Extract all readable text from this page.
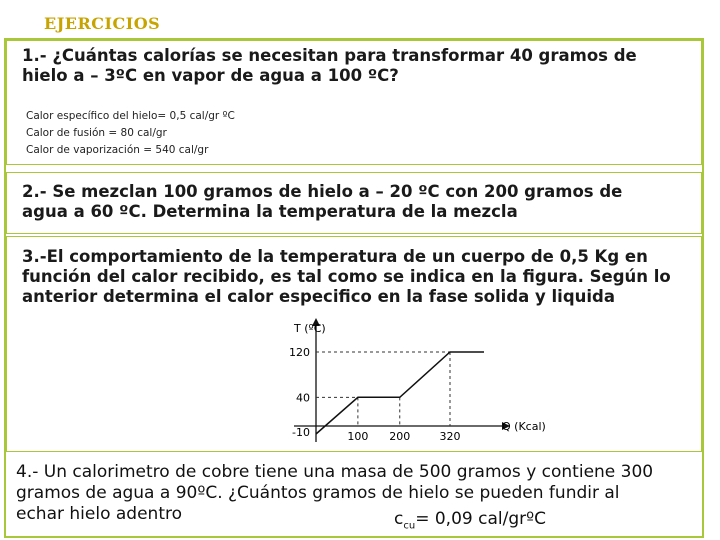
EJERCICIOS
1.- ¿Cuántas calorías se necesitan para transformar 40 gramos de
hielo a – 3ºC en vapor de agua a 100 ºC?
Calor específico del hielo= 0,5 cal/gr ºC
Calor de fusión = 80 cal/gr
Calor de vaporización = 540 cal/gr
2.- Se mezclan 100 gramos de hielo a – 20 ºC con 200 gramos de
agua a 60 ºC. Determina la temperatura de la mezcla
3.-El comportamiento de la temperatura de un cuerpo de 0,5 Kg en
función del calor recibido, es tal como se indica en la figura. Según lo
anterior determina el calor especifico en la fase solida y liquida
T (ºC)
Q (Kcal)
100 200	320
120
40
-10
4.- Un calorimetro de cobre tiene una masa de 500 gramos y contiene 300
gramos de agua a 90ºC. ¿Cuántos gramos de hielo se pueden fundir al
echar hielo adentro	$c_{cu}= 0,09$ cal/grºC
